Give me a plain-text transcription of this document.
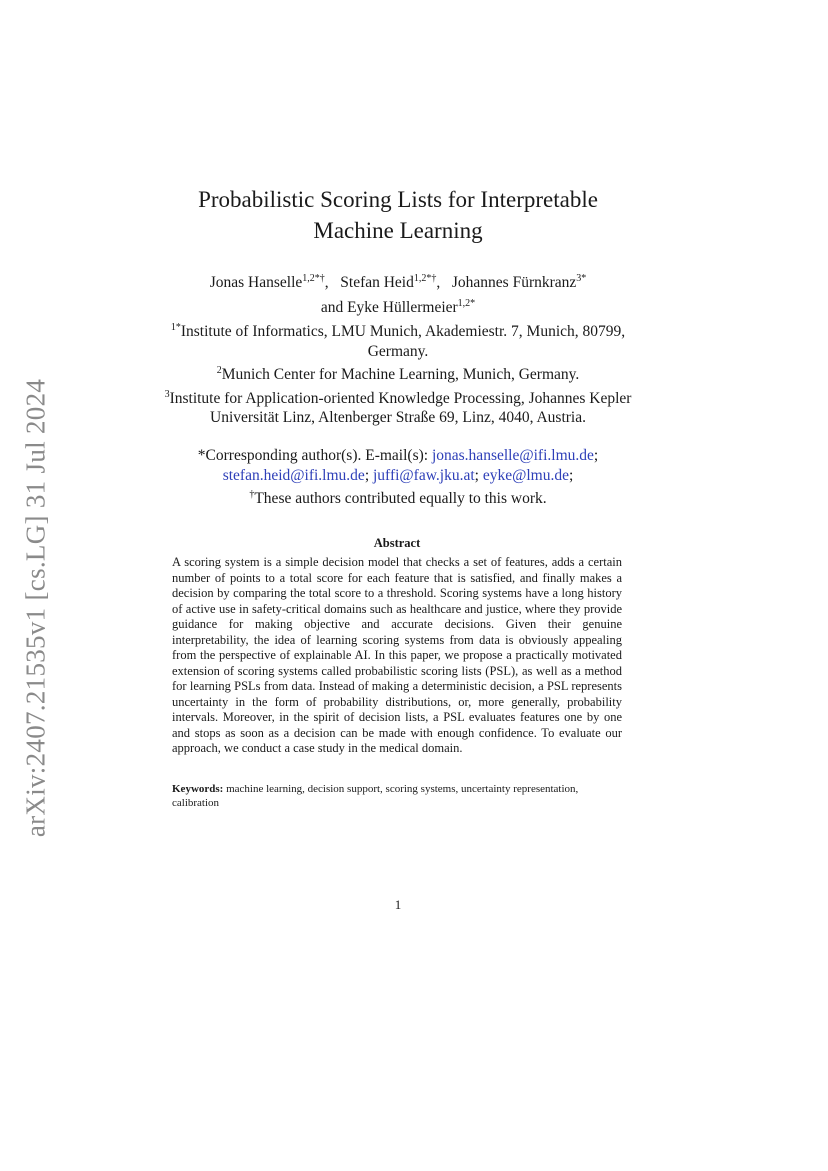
arXiv:2407.21535v1 [cs.LG] 31 Jul 2024
Probabilistic Scoring Lists for Interpretable
Machine Learning
Jonas Hanselle$^{1,2*\dagger}$,   Stefan Heid$^{1,2*\dagger}$,   Johannes Fürnkranz$^{3*}$
and Eyke Hüllermeier$^{1,2*}$
$^{1*}$Institute of Informatics, LMU Munich, Akademiestr. 7, Munich, 80799, Germany.
$^2$Munich Center for Machine Learning, Munich, Germany.
$^3$Institute for Application-oriented Knowledge Processing, Johannes Kepler Universität Linz, Altenberger Straße 69, Linz, 4040, Austria.
*Corresponding author(s). E-mail(s): jonas.hanselle@ifi.lmu.de; stefan.heid@ifi.lmu.de; juffi@faw.jku.at; eyke@lmu.de;
†These authors contributed equally to this work.
Abstract
A scoring system is a simple decision model that checks a set of features, adds a certain number of points to a total score for each feature that is satisfied, and finally makes a decision by comparing the total score to a threshold. Scoring systems have a long history of active use in safety-critical domains such as healthcare and justice, where they provide guidance for making objective and accurate decisions. Given their genuine interpretability, the idea of learning scoring systems from data is obviously appealing from the perspective of explainable AI. In this paper, we propose a practically motivated extension of scoring systems called probabilistic scoring lists (PSL), as well as a method for learning PSLs from data. Instead of making a deterministic decision, a PSL represents uncertainty in the form of probability distributions, or, more generally, probability intervals. Moreover, in the spirit of decision lists, a PSL evaluates features one by one and stops as soon as a decision can be made with enough confidence. To evaluate our approach, we conduct a case study in the medical domain.
Keywords: machine learning, decision support, scoring systems, uncertainty representation, calibration
1
